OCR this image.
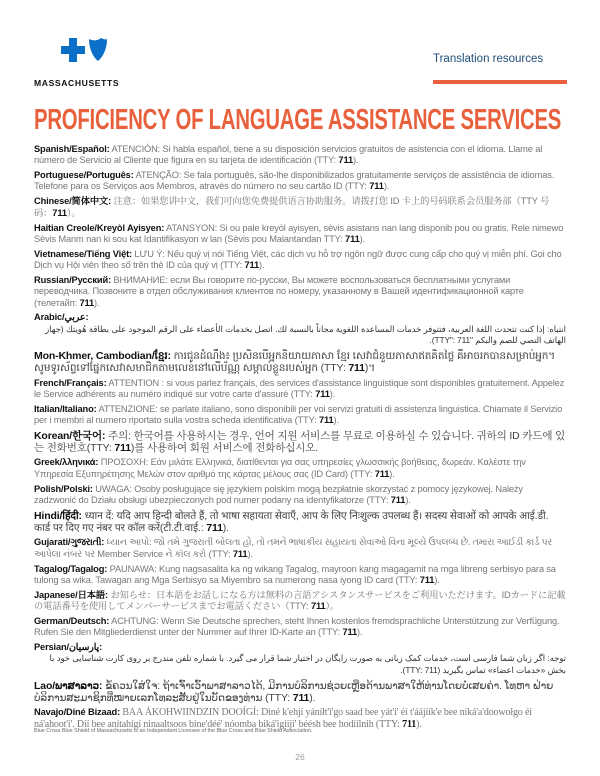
MASSACHUSETTS
Translation resources
PROFICIENCY OF LANGUAGE ASSISTANCE SERVICES

Spanish/Español: ATENCIÓN: Si habla español, tiene a su disposición servicios gratuitos de asistencia con el idioma. Llame al número de Servicio al Cliente que figura en su tarjeta de identificación (TTY: 711).

Portuguese/Português: ATENÇÃO: Se fala português, são-lhe disponibilizados gratuitamente serviços de assistência de idiomas. Telefone para os Serviços aos Membros, através do número no seu cartão ID (TTY: 711).

Chinese/简体中文: 注意：如果您讲中文，我们可向您免费提供语言协助服务。请拨打您 ID 卡上的号码联系会员服务部（TTY 号码：711）。

Haitian Creole/Kreyòl Ayisyen: ATANSYON: Si ou pale kreyòl ayisyen, sèvis asistans nan lang disponib pou ou gratis. Rele nimewo Sèvis Manm nan ki sou kat Idantifikasyon w lan (Sèvis pou Malantandan TTY: 711).

Vietnamese/Tiếng Việt: LƯU Ý: Nếu quý vị nói Tiếng Việt, các dịch vụ hỗ trợ ngôn ngữ được cung cấp cho quý vị miễn phí. Gọi cho Dịch vụ Hội viên theo số trên thẻ ID của quý vị (TTY: 711).

Russian/Русский: ВНИМАНИЕ: если Вы говорите по-русски, Вы можете воспользоваться бесплатными услугами переводчика. Позвоните в отдел обслуживания клиентов по номеру, указанному в Вашей идентификационной карте (телетайп: 711).

Arabic/عربي:
انتباه: إذا كنت تتحدث اللغة العربية، فتتوفر خدمات المساعدة اللغوية مجاناً بالنسبة لك. اتصل بخدمات الأعضاء على الرقم الموجود على بطاقة هُويتك (جهاز الهاتف النصي للصم والبكم "TTY": 711).

Mon-Khmer, Cambodian/ខ្មែរ: ការជូនដំណឹង៖ ប្រសិនបើអ្នកនិយាយភាសា ខ្មែរ សេវាជំនួយភាសាឥតគិតថ្លៃ គឺអាចរកបានសម្រាប់អ្នក។ សូមទូរស័ព្ទទៅផ្នែកសេវាសមាជិកតាមលេខនៅលើប័ណ្ណ សម្គាល់ខ្លួនរបស់អ្នក (TTY: 711)។

French/Français: ATTENTION : si vous parlez français, des services d'assistance linguistique sont disponibles gratuitement. Appelez le Service adhérents au numéro indiqué sur votre carte d'assuré (TTY: 711).

Italian/Italiano: ATTENZIONE: se parlate italiano, sono disponibili per voi servizi gratuiti di assistenza linguistica. Chiamate il Servizio per i membri al numero riportato sulla vostra scheda identificativa (TTY: 711).

Korean/한국어: 주의: 한국어를 사용하시는 경우, 언어 지원 서비스를 무료로 이용하실 수 있습니다. 귀하의 ID 카드에 있는 전화번호(TTY: 711)를 사용하여 회원 서비스에 전화하십시오.

Greek/λληνικά: ΠΡΟΣΟΧΗ: Εάν μιλάτε Ελληνικά, διατίθενται για σας υπηρεσίες γλωσσικής βοήθειας, δωρεάν. Καλέστε την Υπηρεσία Εξυπηρέτησης Μελών στον αριθμό της κάρτας μέλους σας (ID Card) (TTY: 711).

Polish/Polski: UWAGA: Osoby posługujące się językiem polskim mogą bezpłatnie skorzystać z pomocy językowej. Należy zadzwonić do Działu obsługi ubezpieczonych pod numer podany na identyfikatorze (TTY: 711).

Hindi/हिंदी: ध्यान दें: यदि आप हिन्दी बोलते हैं, तो भाषा सहायता सेवाएँ, आप के लिए निःशुल्क उपलब्ध हैं। सदस्य सेवाओं को आपके आई.डी. कार्ड पर दिए गए नंबर पर कॉल करें(टी.टी.वाई.: 711).

Gujarati/ગુજરાતી: ધ્યાન આપો: જો તમે ગુજરાતી બોલતા હો, તો તમને ભાષાકીય સહાયતા સેવાઓ વિના મૂલ્યે ઉપલબ્ધ છે. તમારા આઈડી કાર્ડ પર આપેલા નંબર પર Member Service ને કૉલ કરો (TTY: 711).

Tagalog/Tagalog: PAUNAWA: Kung nagsasalita ka ng wikang Tagalog, mayroon kang magagamit na mga libreng serbisyo para sa tulong sa wika. Tawagan ang Mga Serbisyo sa Miyembro sa numerong nasa iyong ID card (TTY: 711).

Japanese/日本語: お知らせ：日本語をお話しになる方は無料の言語アシスタンスサービスをご利用いただけます。IDカードに記載の電話番号を使用してメンバーサービスまでお電話ください（TTY: 711）。

German/Deutsch: ACHTUNG: Wenn Sie Deutsche sprechen, steht Ihnen kostenlos fremdsprachliche Unterstützung zur Verfügung. Rufen Sie den Mitgliederdienst unter der Nummer auf Ihrer ID-Karte an (TTY: 711).

Persian/پارسیان:
توجه: اگر زبان شما فارسی است، خدمات کمک زبانی به صورت رایگان در اختیار شما قرار می گیرد. با شماره تلفن مندرج بر روی کارت شناسایی خود با بخش «خدمات اعضاء» تماس بگیرید (TTY: 711).

Lao/ພາສາລາວ: ຂໍ້ຄວນໃສ່ໃຈ: ຖ້າເຈົ້າເວົ້າພາສາລາວໄດ້, ມີການບໍລິການຊ່ວຍເຫຼືອດ້ານພາສາໃຫ້ທ່ານໂດຍບໍ່ເສຍຄ່າ. ໂທຫາ ຝ່າຍບໍລິການສະມາຊິກທີ່ໝາຍເລກໂທລະສັບຢູ່ໃນບັດຂອງທ່ານ (TTY: 711).

Navajo/Diné Bizaad: BAA ÁKOHWIINDZIN DOOÍGÍ: Diné k'ehjí yáníłt'i'go saad bee yát'i' éí t'áájíík'e bee níká'a'doowołgo éí ná'ahoot'i'. Díí bee anítahígí ninaaltsoos bine'déé' nóomba biká'igiiji' béésh bee hodíílnih (TTY: 711).

Blue Cross Blue Shield of Massachusetts is an Independent Licensee of the Blue Cross and Blue Shield Association.
26
